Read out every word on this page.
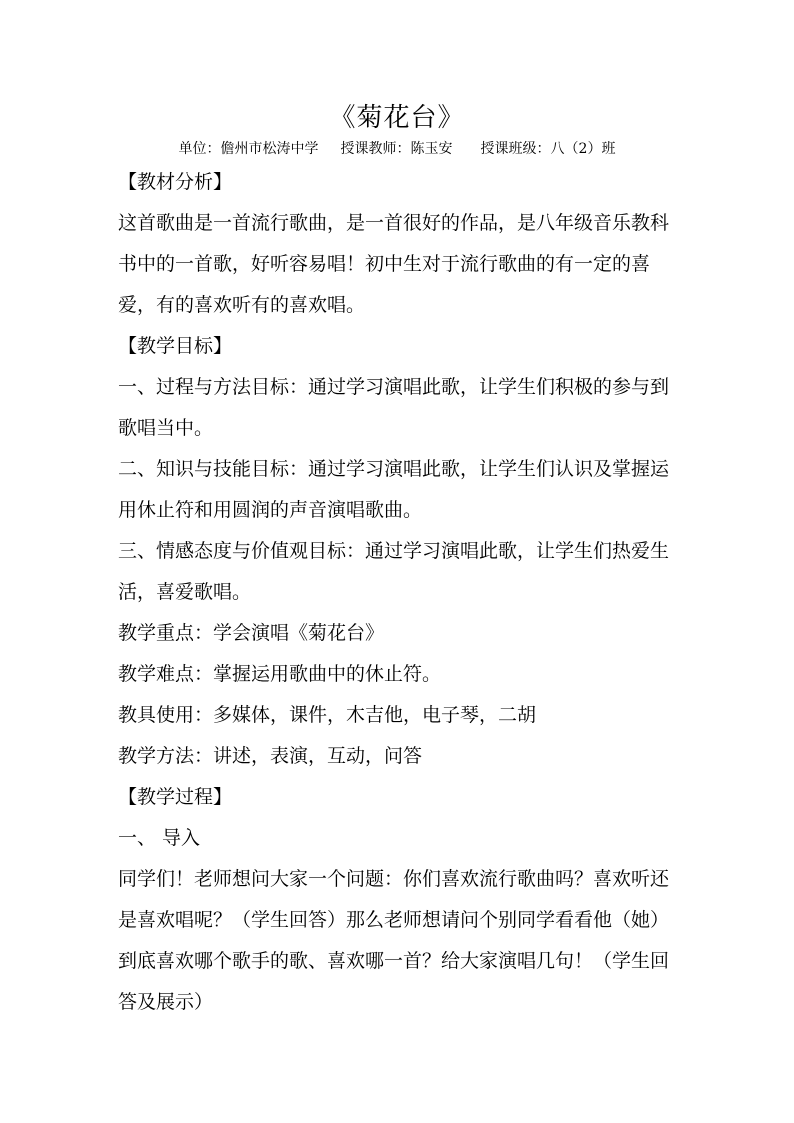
《菊花台》
单位：儋州市松涛中学 授课教师：陈玉安 授课班级：八（2）班

【教材分析】

这首歌曲是一首流行歌曲，是一首很好的作品，是八年级音乐教科书中的一首歌，好听容易唱！初中生对于流行歌曲的有一定的喜爱，有的喜欢听有的喜欢唱。

【教学目标】

一、过程与方法目标：通过学习演唱此歌，让学生们积极的参与到歌唱当中。

二、知识与技能目标：通过学习演唱此歌，让学生们认识及掌握运用休止符和用圆润的声音演唱歌曲。

三、情感态度与价值观目标：通过学习演唱此歌，让学生们热爱生活，喜爱歌唱。

教学重点：学会演唱《菊花台》

教学难点：掌握运用歌曲中的休止符。

教具使用：多媒体，课件，木吉他，电子琴，二胡

教学方法：讲述，表演，互动，问答

【教学过程】

一、 导入

同学们！老师想问大家一个问题：你们喜欢流行歌曲吗？喜欢听还是喜欢唱呢？（学生回答）那么老师想请问个别同学看看他（她）到底喜欢哪个歌手的歌、喜欢哪一首？给大家演唱几句！（学生回答及展示）
